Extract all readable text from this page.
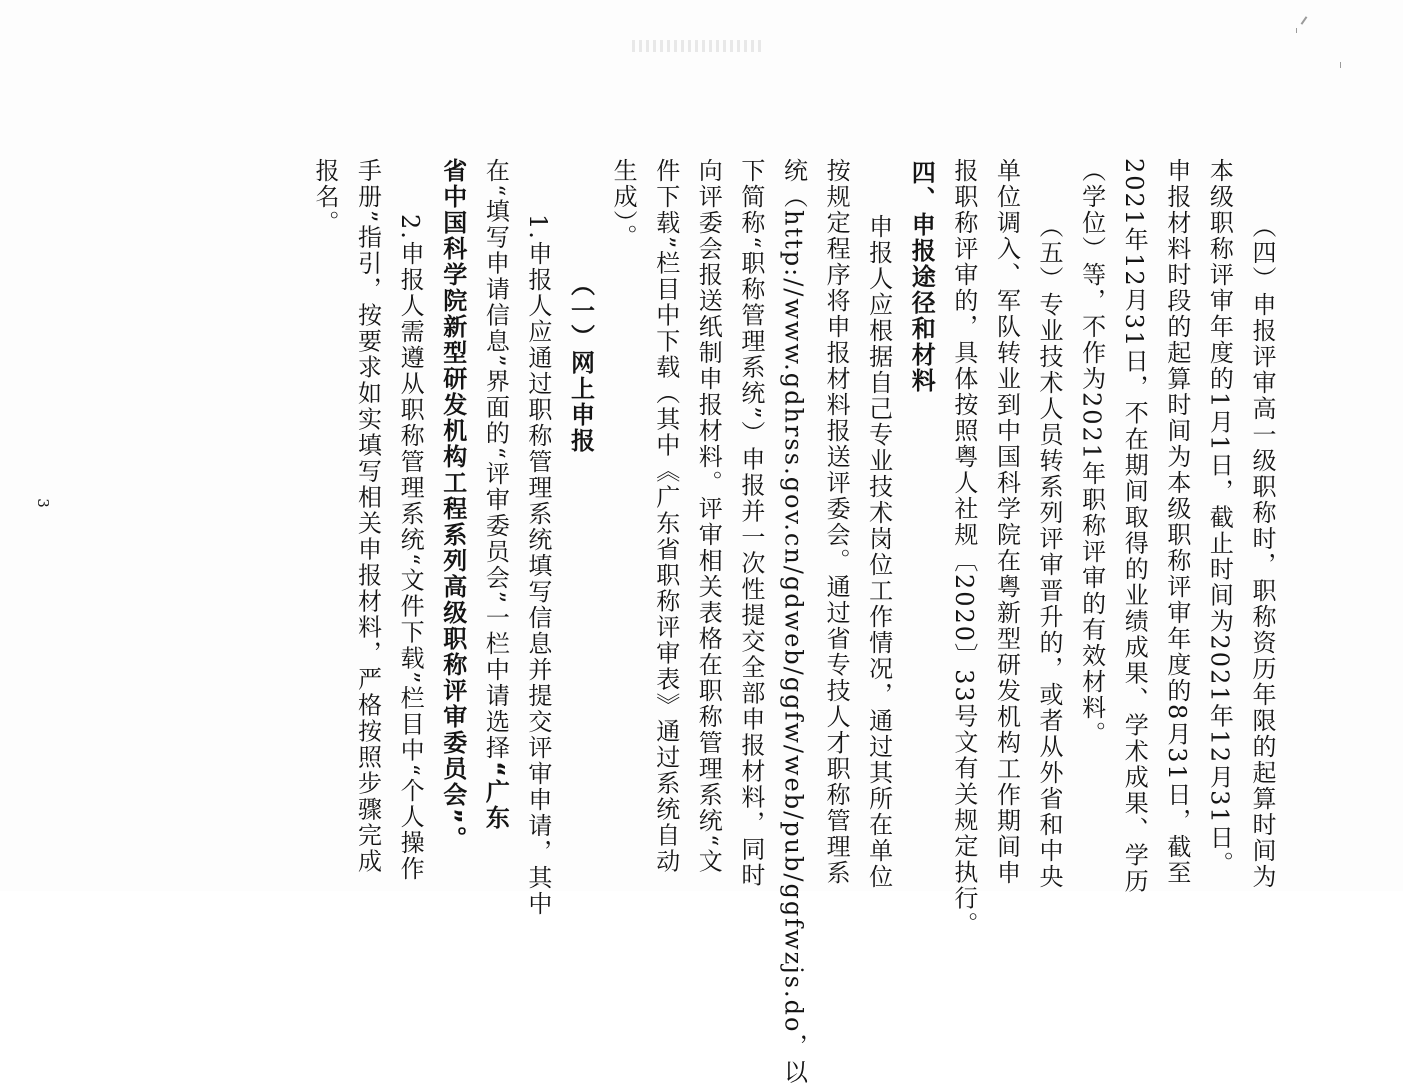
（四）申报评审高一级职称时，职称资历年限的起算时间为

本级职称评审年度的1月1日，截止时间为2021年12月31日。

申报材料时段的起算时间为本级职称评审年度的8月31日，截至

2021年12月31日，不在期间取得的业绩成果、学术成果、学历

（学位）等，不作为2021年职称评审的有效材料。

（五）专业技术人员转系列评审晋升的，或者从外省和中央

单位调入、军队转业到中国科学院在粤新型研发机构工作期间申

报职称评审的，具体按照粤人社规〔2020〕33号文有关规定执行。

四、申报途径和材料

申报人应根据自己专业技术岗位工作情况，通过其所在单位

按规定程序将申报材料报送评委会。通过省专技人才职称管理系

统（http://www.gdhrss.gov.cn/gdweb/ggfw/web/pub/ggfwzjs.do，以

下简称“职称管理系统”）申报并一次性提交全部申报材料，同时

向评委会报送纸制申报材料。评审相关表格在职称管理系统“文

件下载”栏目中下载（其中《广东省职称评审表》通过系统自动

生成）。

（一）网上申报

1.申报人应通过职称管理系统填写信息并提交评审申请，其中

在“填写申请信息”界面的“评审委员会”一栏中请选择“广东

省中国科学院新型研发机构工程系列高级职称评审委员会”。

2.申报人需遵从职称管理系统“文件下载”栏目中“个人操作

手册”指引，按要求如实填写相关申报材料，严格按照步骤完成

报名。

3
